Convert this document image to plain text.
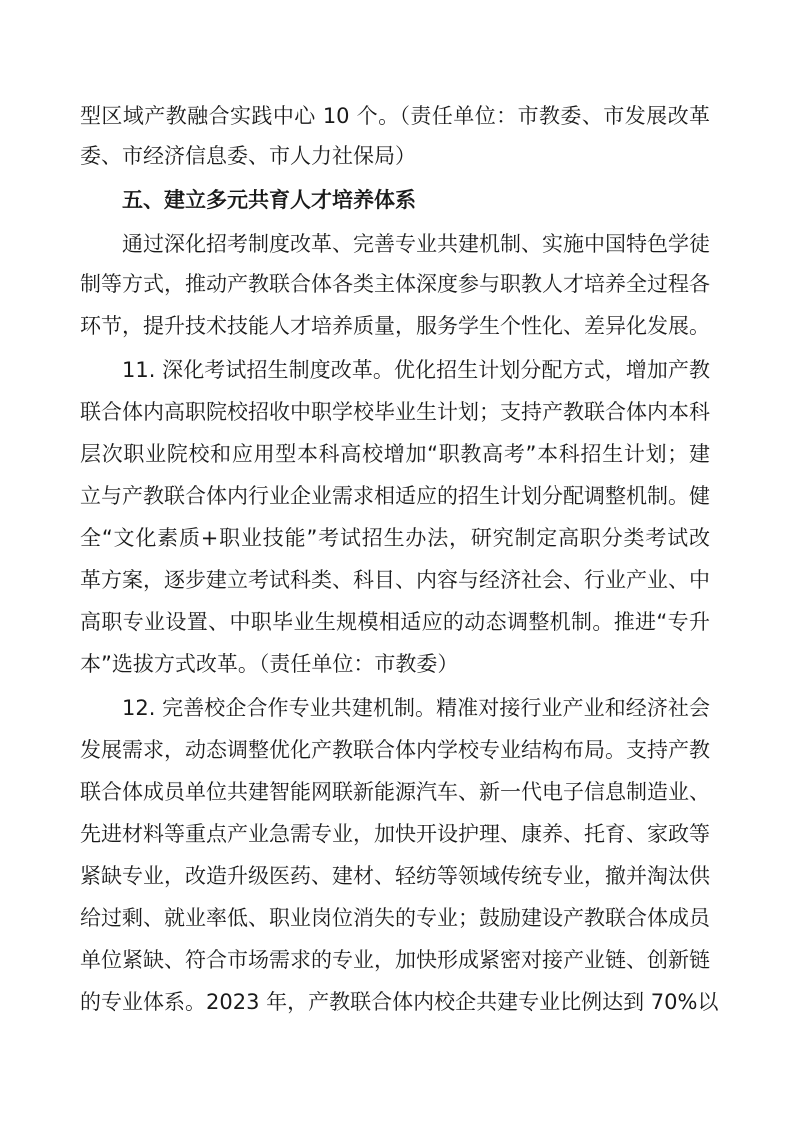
型区域产教融合实践中心 10 个。（责任单位：市教委、市发展改革
委、市经济信息委、市人力社保局）
五、建立多元共育人才培养体系
通过深化招考制度改革、完善专业共建机制、实施中国特色学徒
制等方式，推动产教联合体各类主体深度参与职教人才培养全过程各
环节，提升技术技能人才培养质量，服务学生个性化、差异化发展。
11. 深化考试招生制度改革。优化招生计划分配方式，增加产教
联合体内高职院校招收中职学校毕业生计划；支持产教联合体内本科
层次职业院校和应用型本科高校增加“职教高考”本科招生计划；建
立与产教联合体内行业企业需求相适应的招生计划分配调整机制。健
全“文化素质+职业技能”考试招生办法，研究制定高职分类考试改
革方案，逐步建立考试科类、科目、内容与经济社会、行业产业、中
高职专业设置、中职毕业生规模相适应的动态调整机制。推进“专升
本”选拔方式改革。（责任单位：市教委）
12. 完善校企合作专业共建机制。精准对接行业产业和经济社会
发展需求，动态调整优化产教联合体内学校专业结构布局。支持产教
联合体成员单位共建智能网联新能源汽车、新一代电子信息制造业、
先进材料等重点产业急需专业，加快开设护理、康养、托育、家政等
紧缺专业，改造升级医药、建材、轻纺等领域传统专业，撤并淘汰供
给过剩、就业率低、职业岗位消失的专业；鼓励建设产教联合体成员
单位紧缺、符合市场需求的专业，加快形成紧密对接产业链、创新链
的专业体系。2023 年，产教联合体内校企共建专业比例达到 70%以
